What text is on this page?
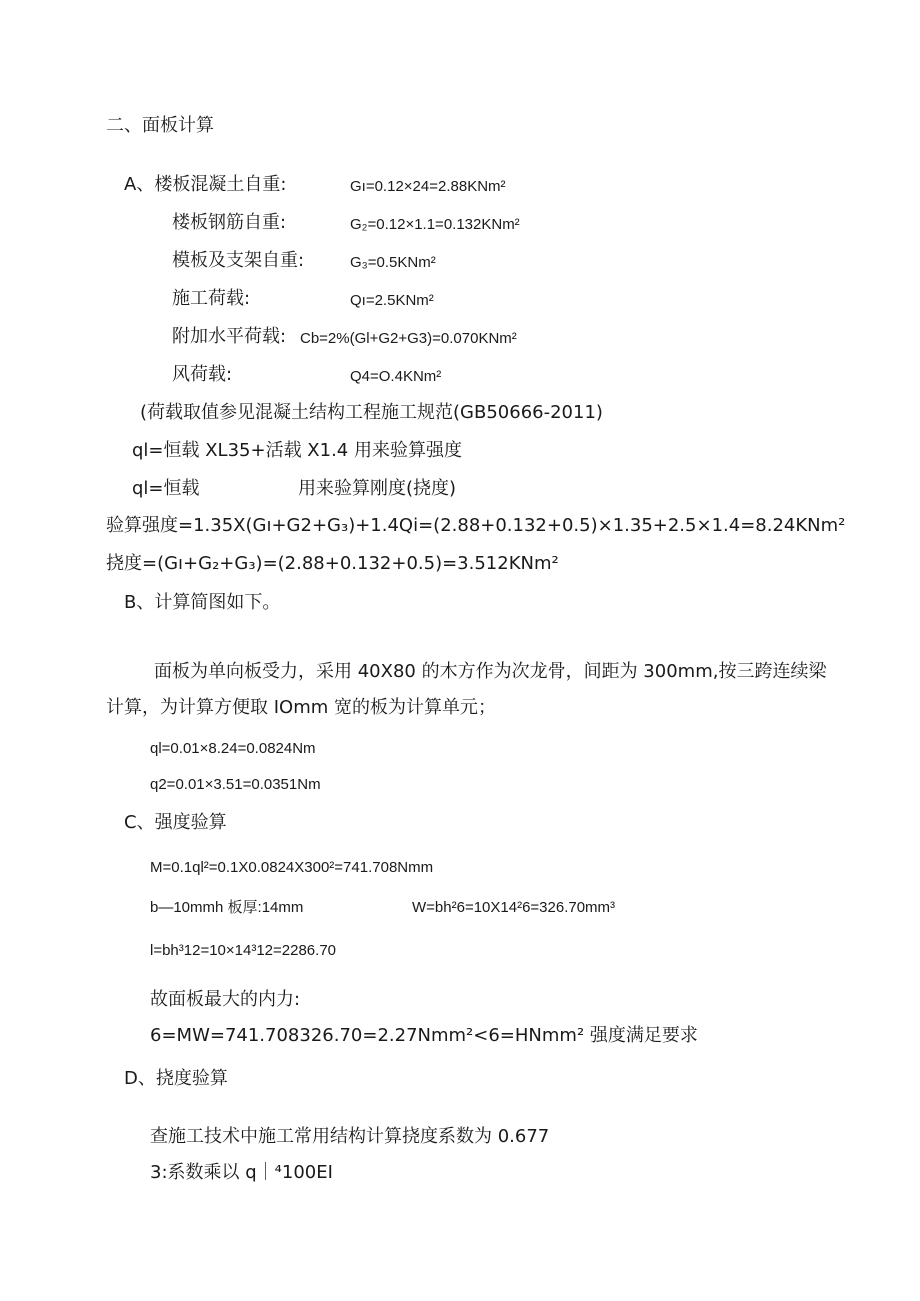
二、面板计算
A、楼板混凝土自重:	Gı=0.12×24=2.88KNm²
楼板钢筋自重:	G₂=0.12×1.1=0.132KNm²
模板及支架自重:	G₃=0.5KNm²
施工荷载:	Qı=2.5KNm²
附加水平荷载: Cb=2%(Gl+G2+G3)=0.070KNm²
风荷载:	Q4=O.4KNm²
(荷载取值参见混凝土结构工程施工规范(GB50666-2011)
ql=恒载 XL35+活载 X1.4 用来验算强度
ql=恒载	用来验算刚度(挠度)
验算强度=1.35X(Gı+G2+G₃)+1.4Qi=(2.88+0.132+0.5)×1.35+2.5×1.4=8.24KNm²
挠度=(Gı+G₂+G₃)=(2.88+0.132+0.5)=3.512KNm²
B、计算简图如下。
面板为单向板受力，采用 40X80 的木方作为次龙骨，间距为 300mm,按三跨连续梁
计算，为计算方便取 IOmm 宽的板为计算单元；
ql=0.01×8.24=0.0824Nm
q2=0.01×3.51=0.0351Nm
C、强度验算
M=0.1ql²=0.1X0.0824X300²=741.708Nmm
b—10mmh 板厚:14mm	W=bh²6=10X14²6=326.70mm³
l=bh³12=10×14³12=2286.70
故面板最大的内力:
6=MW=741.708326.70=2.27Nmm²<6=HNmm² 强度满足要求
D、挠度验算
查施工技术中施工常用结构计算挠度系数为 0.677
3:系数乘以 q｜⁴100EI
